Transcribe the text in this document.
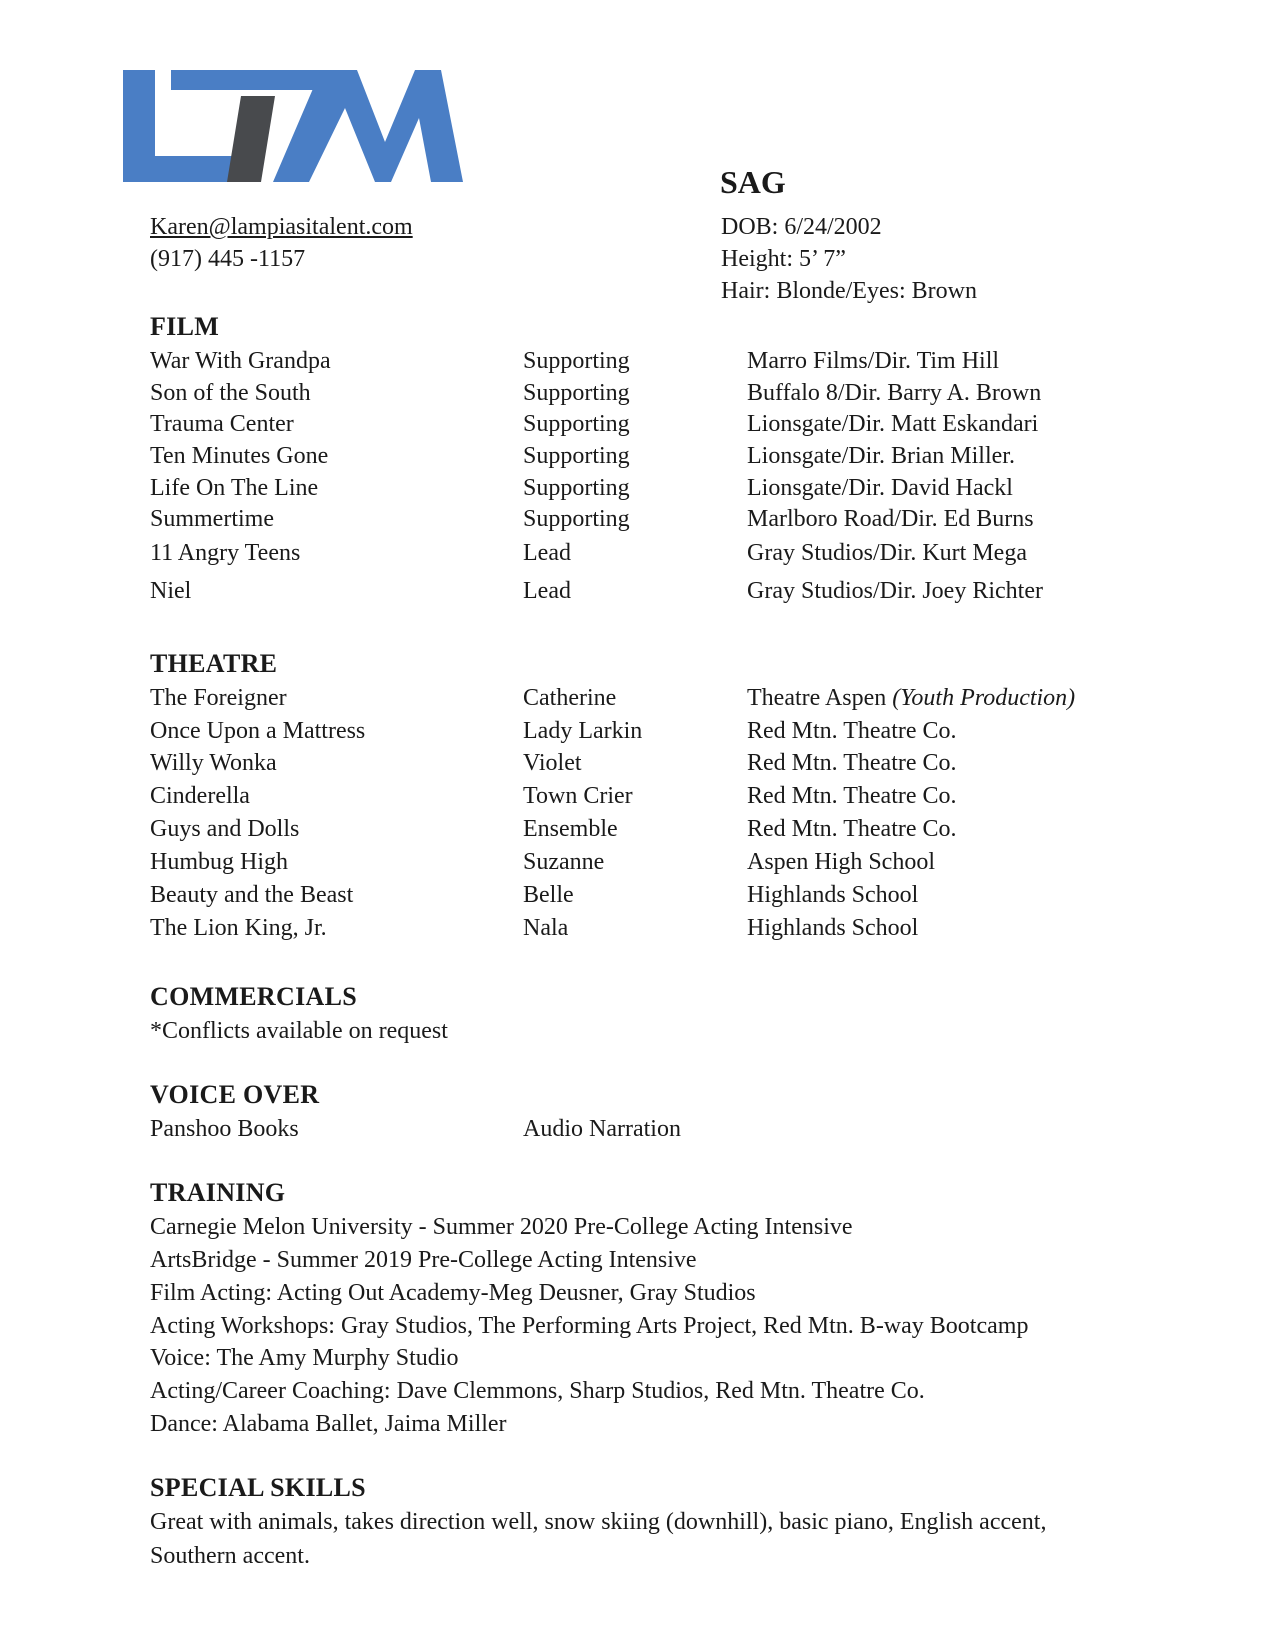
SAG
Karen@lampiasitalent.com
(917) 445 -1157
DOB: 6/24/2002
Height: 5’ 7”
Hair: Blonde/Eyes: Brown
FILM
War With Grandpa	Supporting	Marro Films/Dir. Tim Hill
Son of the South	Supporting	Buffalo 8/Dir. Barry A. Brown
Trauma Center	Supporting	Lionsgate/Dir. Matt Eskandari
Ten Minutes Gone	Supporting	Lionsgate/Dir. Brian Miller.
Life On The Line	Supporting	Lionsgate/Dir. David Hackl
Summertime	Supporting	Marlboro Road/Dir. Ed Burns
11 Angry Teens	Lead	Gray Studios/Dir. Kurt Mega
Niel	Lead	Gray Studios/Dir. Joey Richter
THEATRE
The Foreigner	Catherine	Theatre Aspen (Youth Production)
Once Upon a Mattress	Lady Larkin	Red Mtn. Theatre Co.
Willy Wonka	Violet	Red Mtn. Theatre Co.
Cinderella	Town Crier	Red Mtn. Theatre Co.
Guys and Dolls	Ensemble	Red Mtn. Theatre Co.
Humbug High	Suzanne	Aspen High School
Beauty and the Beast	Belle	Highlands School
The Lion King, Jr.	Nala	Highlands School
COMMERCIALS
*Conflicts available on request
VOICE OVER
Panshoo Books	Audio Narration
TRAINING
Carnegie Melon University - Summer 2020 Pre-College Acting Intensive
ArtsBridge - Summer 2019 Pre-College Acting Intensive
Film Acting: Acting Out Academy-Meg Deusner, Gray Studios
Acting Workshops: Gray Studios, The Performing Arts Project, Red Mtn. B-way Bootcamp
Voice: The Amy Murphy Studio
Acting/Career Coaching: Dave Clemmons, Sharp Studios, Red Mtn. Theatre Co.
Dance: Alabama Ballet, Jaima Miller
SPECIAL SKILLS
Great with animals, takes direction well, snow skiing (downhill), basic piano, English accent,
Southern accent.
